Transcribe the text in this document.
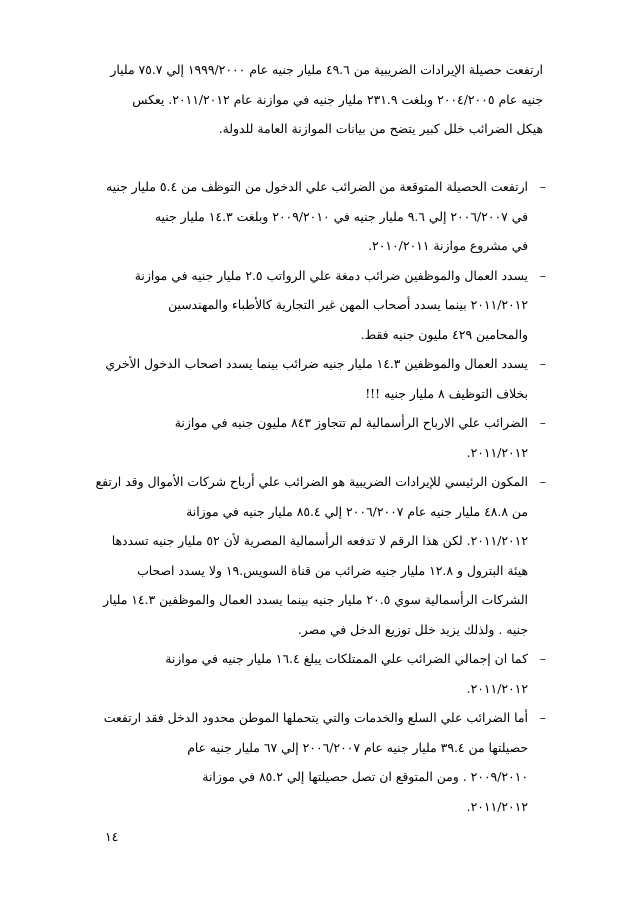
ارتفعت حصيلة الإيرادات الضريبية من ٤٩.٦ مليار جنيه عام ١٩٩٩/٢٠٠٠ إلي ٧٥.٧ مليار
جنيه عام ٢٠٠٤/٢٠٠٥ وبلغت ٢٣١.٩ مليار جنيه في موازنة عام ٢٠١١/٢٠١٢. يعكس
هيكل الضرائب خلل كبير يتضح من بيانات الموازنة العامة للدولة.
–
ارتفعت الحصيلة المتوقعة من الضرائب علي الدخول من التوظف من ٥.٤ مليار جنيه
في ٢٠٠٦/٢٠٠٧ إلي ٩.٦ مليار جنيه في ٢٠٠٩/٢٠١٠ وبلغت ١٤.٣ مليار جنيه
في مشروع موازنة ٢٠١٠/٢٠١١.
–
يسدد العمال والموظفين ضرائب دمغة علي الرواتب ٢.٥ مليار جنيه في موازنة
٢٠١١/٢٠١٢ بينما يسدد أصحاب المهن غير التجارية كالأطباء والمهندسين
والمحامين ٤٢٩ مليون جنيه فقط.
–
يسدد العمال والموظفين ١٤.٣ مليار جنيه ضرائب بينما يسدد اصحاب الدخول الأخري
بخلاف التوظيف ٨ مليار جنيه !!!
–
الضرائب علي الارباح الرأسمالية لم تتجاوز ٨٤٣ مليون جنيه في موازنة
٢٠١١/٢٠١٢.
–
المكون الرئيسي للإيرادات الضريبية هو الضرائب علي أرباح شركات الأموال وقد ارتفع
من ٤٨.٨ مليار جنيه عام ٢٠٠٦/٢٠٠٧ إلي ٨٥.٤ مليار جنيه في موزانة
٢٠١١/٢٠١٢. لكن هذا الرقم لا تدفعه الرأسمالية المصرية لأن ٥٢ مليار جنيه تسددها
هيئة البترول و ١٢.٨ مليار جنيه ضرائب من قناة السويس.١٩ ولا يسدد اصحاب
الشركات الرأسمالية سوي ٢٠.٥ مليار جنيه بينما يسدد العمال والموظفين ١٤.٣ مليار
جنيه . ولذلك يزيد خلل توزيع الدخل في مصر.
–
كما ان إجمالي الضرائب علي الممتلكات يبلغ ١٦.٤ مليار جنيه في موازنة
٢٠١١/٢٠١٢.
–
أما الضرائب علي السلع والخدمات والتي يتحملها الموطن محدود الدخل فقد ارتفعت
حصيلتها من ٣٩.٤ مليار جنيه عام ٢٠٠٦/٢٠٠٧ إلي ٦٧ مليار جنيه عام
٢٠٠٩/٢٠١٠ . ومن المتوقع ان تصل حصيلتها إلي ٨٥.٢ في موزانة
٢٠١١/٢٠١٢.
١٤
